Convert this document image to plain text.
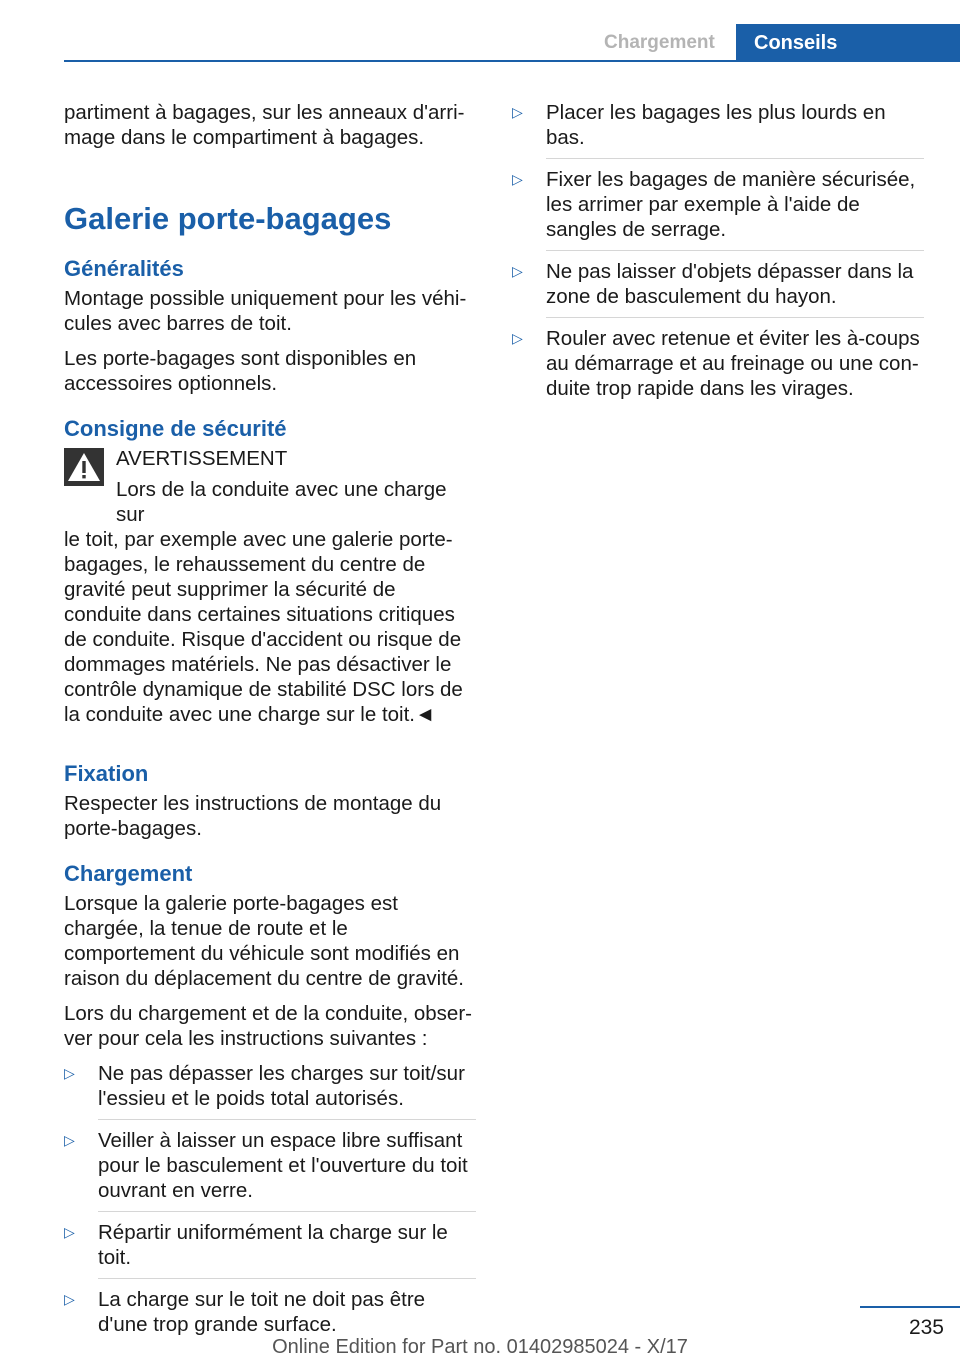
Chargement	Conseils

partiment à bagages, sur les anneaux d'arrimage dans le compartiment à bagages.

Galerie porte-bagages
Généralités

Montage possible uniquement pour les véhicules avec barres de toit.

Les porte-bagages sont disponibles en accessoires optionnels.

Consigne de sécurité
AVERTISSEMENT

Lors de la conduite avec une charge sur
le toit, par exemple avec une galerie porte-bagages, le rehaussement du centre de gravité peut supprimer la sécurité de conduite dans certaines situations critiques de conduite. Risque d'accident ou risque de dommages matériels. Ne pas désactiver le contrôle dynamique de stabilité DSC lors de la conduite avec une charge sur le toit.◄

Fixation

Respecter les instructions de montage du porte-bagages.

Chargement

Lorsque la galerie porte-bagages est chargée, la tenue de route et le comportement du véhicule sont modifiés en raison du déplacement du centre de gravité.

Lors du chargement et de la conduite, observer pour cela les instructions suivantes :

▷ Ne pas dépasser les charges sur toit/sur l'essieu et le poids total autorisés.
▷ Veiller à laisser un espace libre suffisant pour le basculement et l'ouverture du toit ouvrant en verre.
▷ Répartir uniformément la charge sur le toit.
▷ La charge sur le toit ne doit pas être d'une trop grande surface.
▷ Placer les bagages les plus lourds en bas.
▷ Fixer les bagages de manière sécurisée, les arrimer par exemple à l'aide de sangles de serrage.
▷ Ne pas laisser d'objets dépasser dans la zone de basculement du hayon.
▷ Rouler avec retenue et éviter les à-coups au démarrage et au freinage ou une conduite trop rapide dans les virages.
235
Online Edition for Part no. 01402985024 - X/17
